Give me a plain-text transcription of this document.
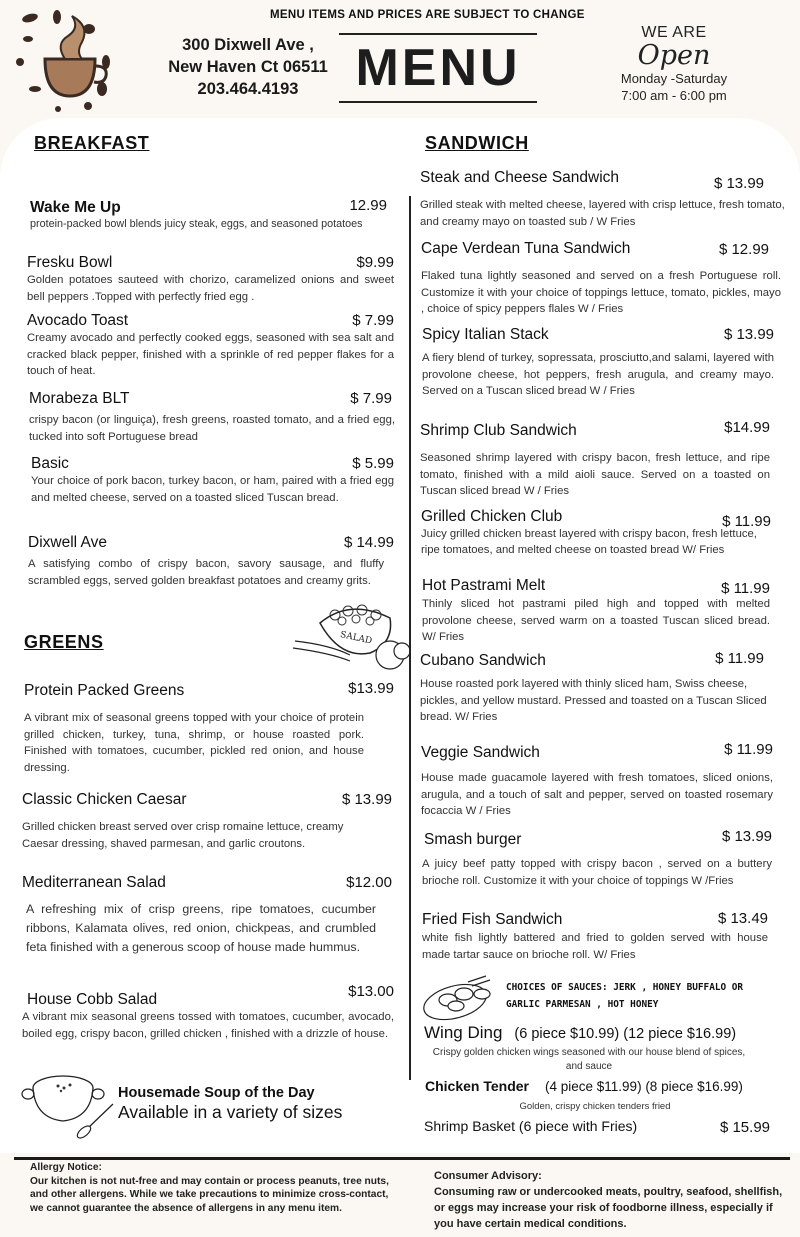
MENU ITEMS AND PRICES ARE SUBJECT TO CHANGE
300 Dixwell Ave ,
New Haven Ct 06511
203.464.4193	MENU
WE ARE
Open
Monday -Saturday
7:00 am - 6:00 pm
BREAKFAST
Wake Me Up	12.99
protein-packed bowl blends juicy steak, eggs, and seasoned potatoes
Fresku Bowl	$9.99
Golden potatoes sauteed with chorizo, caramelized onions and sweet bell peppers .Topped with perfectly fried egg .
Avocado Toast	$ 7.99
Creamy avocado and perfectly cooked eggs, seasoned with sea salt and cracked black pepper, finished with a sprinkle of red pepper flakes for a touch of heat.
Morabeza BLT	$ 7.99
crispy bacon (or linguiça), fresh greens, roasted tomato, and a fried egg, tucked into soft Portuguese bread
Basic	$ 5.99
Your choice of pork bacon, turkey bacon, or ham, paired with a fried egg and melted cheese, served on a toasted sliced Tuscan bread.
Dixwell Ave	$ 14.99
A satisfying combo of crispy bacon, savory sausage, and fluffy scrambled eggs, served golden breakfast potatoes and creamy grits.
SALAD
GREENS
Protein Packed Greens	$13.99
A vibrant mix of seasonal greens topped with your choice of protein grilled chicken, turkey, tuna, shrimp, or house roasted pork. Finished with tomatoes, cucumber, pickled red onion, and house dressing.
Classic Chicken Caesar	$ 13.99
Grilled chicken breast served over crisp romaine lettuce, creamy Caesar dressing, shaved parmesan, and garlic croutons.
Mediterranean Salad	$12.00
A refreshing mix of crisp greens, ripe tomatoes, cucumber ribbons, Kalamata olives, red onion, chickpeas, and crumbled feta finished with a generous scoop of house made hummus.
House Cobb Salad	$13.00
A vibrant mix seasonal greens tossed with tomatoes, cucumber, avocado, boiled egg, crispy bacon, grilled chicken , finished with a drizzle of house.
Housemade Soup of the Day
Available in a variety of sizes
SANDWICH
Steak and Cheese Sandwich	$ 13.99
Grilled steak with melted cheese, layered with crisp lettuce, fresh tomato, and creamy mayo on toasted sub / W Fries
Cape Verdean Tuna Sandwich	$ 12.99
Flaked tuna lightly seasoned and served on a fresh Portuguese roll. Customize it with your choice of toppings lettuce, tomato, pickles, mayo , choice of spicy peppers flales W / Fries
Spicy Italian Stack	$ 13.99
A fiery blend of turkey, sopressata, prosciutto,and salami, layered with provolone cheese, hot peppers, fresh arugula, and creamy mayo. Served on a Tuscan sliced bread W / Fries
Shrimp Club Sandwich	$14.99
Seasoned shrimp layered with crispy bacon, fresh lettuce, and ripe tomato, finished with a mild aioli sauce. Served on a toasted on Tuscan sliced bread W / Fries
Grilled Chicken Club	$ 11.99
Juicy grilled chicken breast layered with crispy bacon, fresh lettuce, ripe tomatoes, and melted cheese on toasted bread W/ Fries
Hot Pastrami Melt	$ 11.99
Thinly sliced hot pastrami piled high and topped with melted provolone cheese, served warm on a toasted Tuscan sliced bread. W/ Fries
Cubano Sandwich	$ 11.99
House roasted pork layered with thinly sliced ham, Swiss cheese, pickles, and yellow mustard. Pressed and toasted on a Tuscan Sliced bread. W/ Fries
Veggie Sandwich	$ 11.99
House made guacamole layered with fresh tomatoes, sliced onions, arugula, and a touch of salt and pepper, served on toasted rosemary focaccia W / Fries
Smash burger	$ 13.99
A juicy beef patty topped with crispy bacon , served on a buttery brioche roll. Customize it with your choice of toppings W /Fries
Fried Fish Sandwich	$ 13.49
white fish lightly battered and fried to golden served with house made tartar sauce on brioche roll. W/ Fries
CHOICES OF SAUCES: JERK , HONEY BUFFALO OR
GARLIC PARMESAN , HOT HONEY
Wing Ding (6 piece $10.99) (12 piece $16.99)
Crispy golden chicken wings seasoned with our house blend of spices, and sauce
Chicken Tender (4 piece $11.99) (8 piece $16.99)
Golden, crispy chicken tenders fried
Shrimp Basket (6 piece with Fries)	$ 15.99
Allergy Notice:
Our kitchen is not nut-free and may contain or process peanuts, tree nuts, and other allergens. While we take precautions to minimize cross-contact, we cannot guarantee the absence of allergens in any menu item.
Consumer Advisory:
Consuming raw or undercooked meats, poultry, seafood, shellfish, or eggs may increase your risk of foodborne illness, especially if you have certain medical conditions.
